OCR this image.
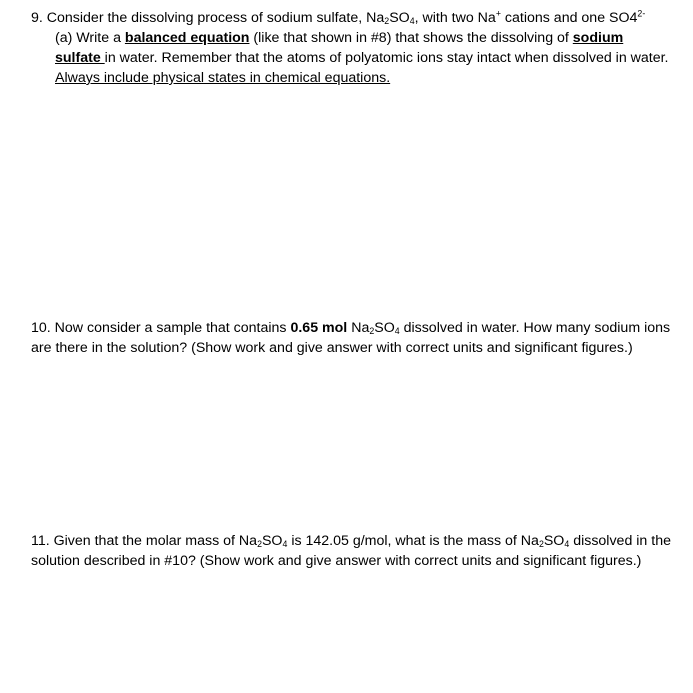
9. Consider the dissolving process of sodium sulfate, $Na_2SO_4$, with two Na+ cations and one $SO4^{2-}$

(a) Write a balanced equation (like that shown in #8) that shows the dissolving of sodium sulfate in water. Remember that the atoms of polyatomic ions stay intact when dissolved in water. Always include physical states in chemical equations.

10. Now consider a sample that contains 0.65 mol $Na_2SO_4$ dissolved in water. How many sodium ions are there in the solution? (Show work and give answer with correct units and significant figures.)

11. Given that the molar mass of $Na_2SO_4$ is 142.05 g/mol, what is the mass of $Na_2SO_4$ dissolved in the solution described in #10? (Show work and give answer with correct units and significant figures.)
